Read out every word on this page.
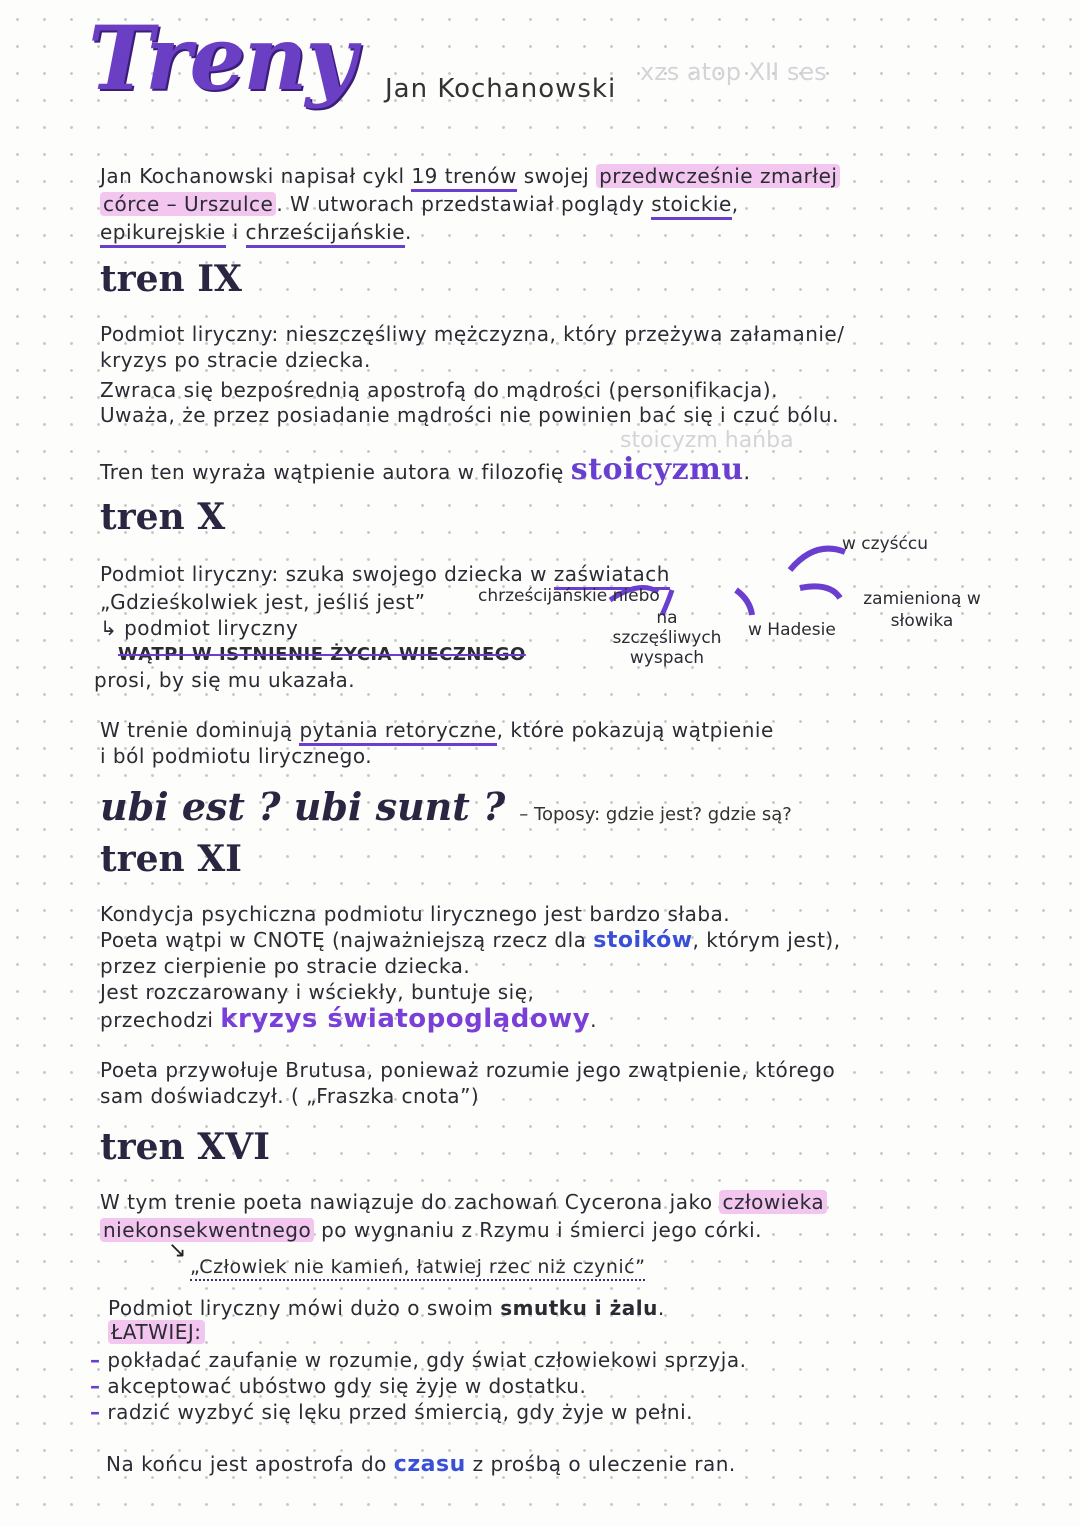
Treny Jan Kochanowski
xzs atop XII ses
Jan Kochanowski napisał cykl 19 trenów swojej przedwcześnie zmarłej
córce – Urszulce . W utworach przedstawiał poglądy stoickie,
epikurejskie i chrześcijańskie.
tren IX
Podmiot liryczny: nieszczęśliwy mężczyzna, który przeżywa załamanie/
kryzys po stracie dziecka.
Zwraca się bezpośrednią apostrofą do mądrości (personifikacja).
Uważa, że przez posiadanie mądrości nie powinien bać się i czuć bólu.
stoicyzm hańba
Tren ten wyraża wątpienie autora w filozofię stoicyzmu.
tren X
Podmiot liryczny: szuka swojego dziecka w zaświatach
„Gdzieśkolwiek jest, jeśliś jest”
↳ podmiot liryczny
WĄTPI W ISTNIENIE ŻYCIA WIECZNEGO
prosi, by się mu ukazała.
chrześcijańskie niebo
na szczęśliwych wyspach
w Hadesie
w czyśćcu
zamienioną w słowika
W trenie dominują pytania retoryczne, które pokazują wątpienie
i ból podmiotu lirycznego.
ubi est ? ubi sunt ? – Toposy: gdzie jest? gdzie są?
tren XI
Kondycja psychiczna podmiotu lirycznego jest bardzo słaba.
Poeta wątpi w CNOTĘ (najważniejszą rzecz dla stoików, którym jest),
przez cierpienie po stracie dziecka.
Jest rozczarowany i wściekły, buntuje się,
przechodzi kryzys światopoglądowy.
Poeta przywołuje Brutusa, ponieważ rozumie jego zwątpienie, którego
sam doświadczył. ( „Fraszka cnota”)
tren XVI
W tym trenie poeta nawiązuje do zachowań Cycerona jako człowieka
niekonsekwentnego po wygnaniu z Rzymu i śmierci jego córki.
↘
„Człowiek nie kamień, łatwiej rzec niż czynić”
Podmiot liryczny mówi dużo o swoim smutku i żalu.
ŁATWIEJ:
– pokładać zaufanie w rozumie, gdy świat człowiekowi sprzyja.
– akceptować ubóstwo gdy się żyje w dostatku.
– radzić wyzbyć się lęku przed śmiercią, gdy żyje w pełni.
Na końcu jest apostrofa do czasu z prośbą o uleczenie ran.
